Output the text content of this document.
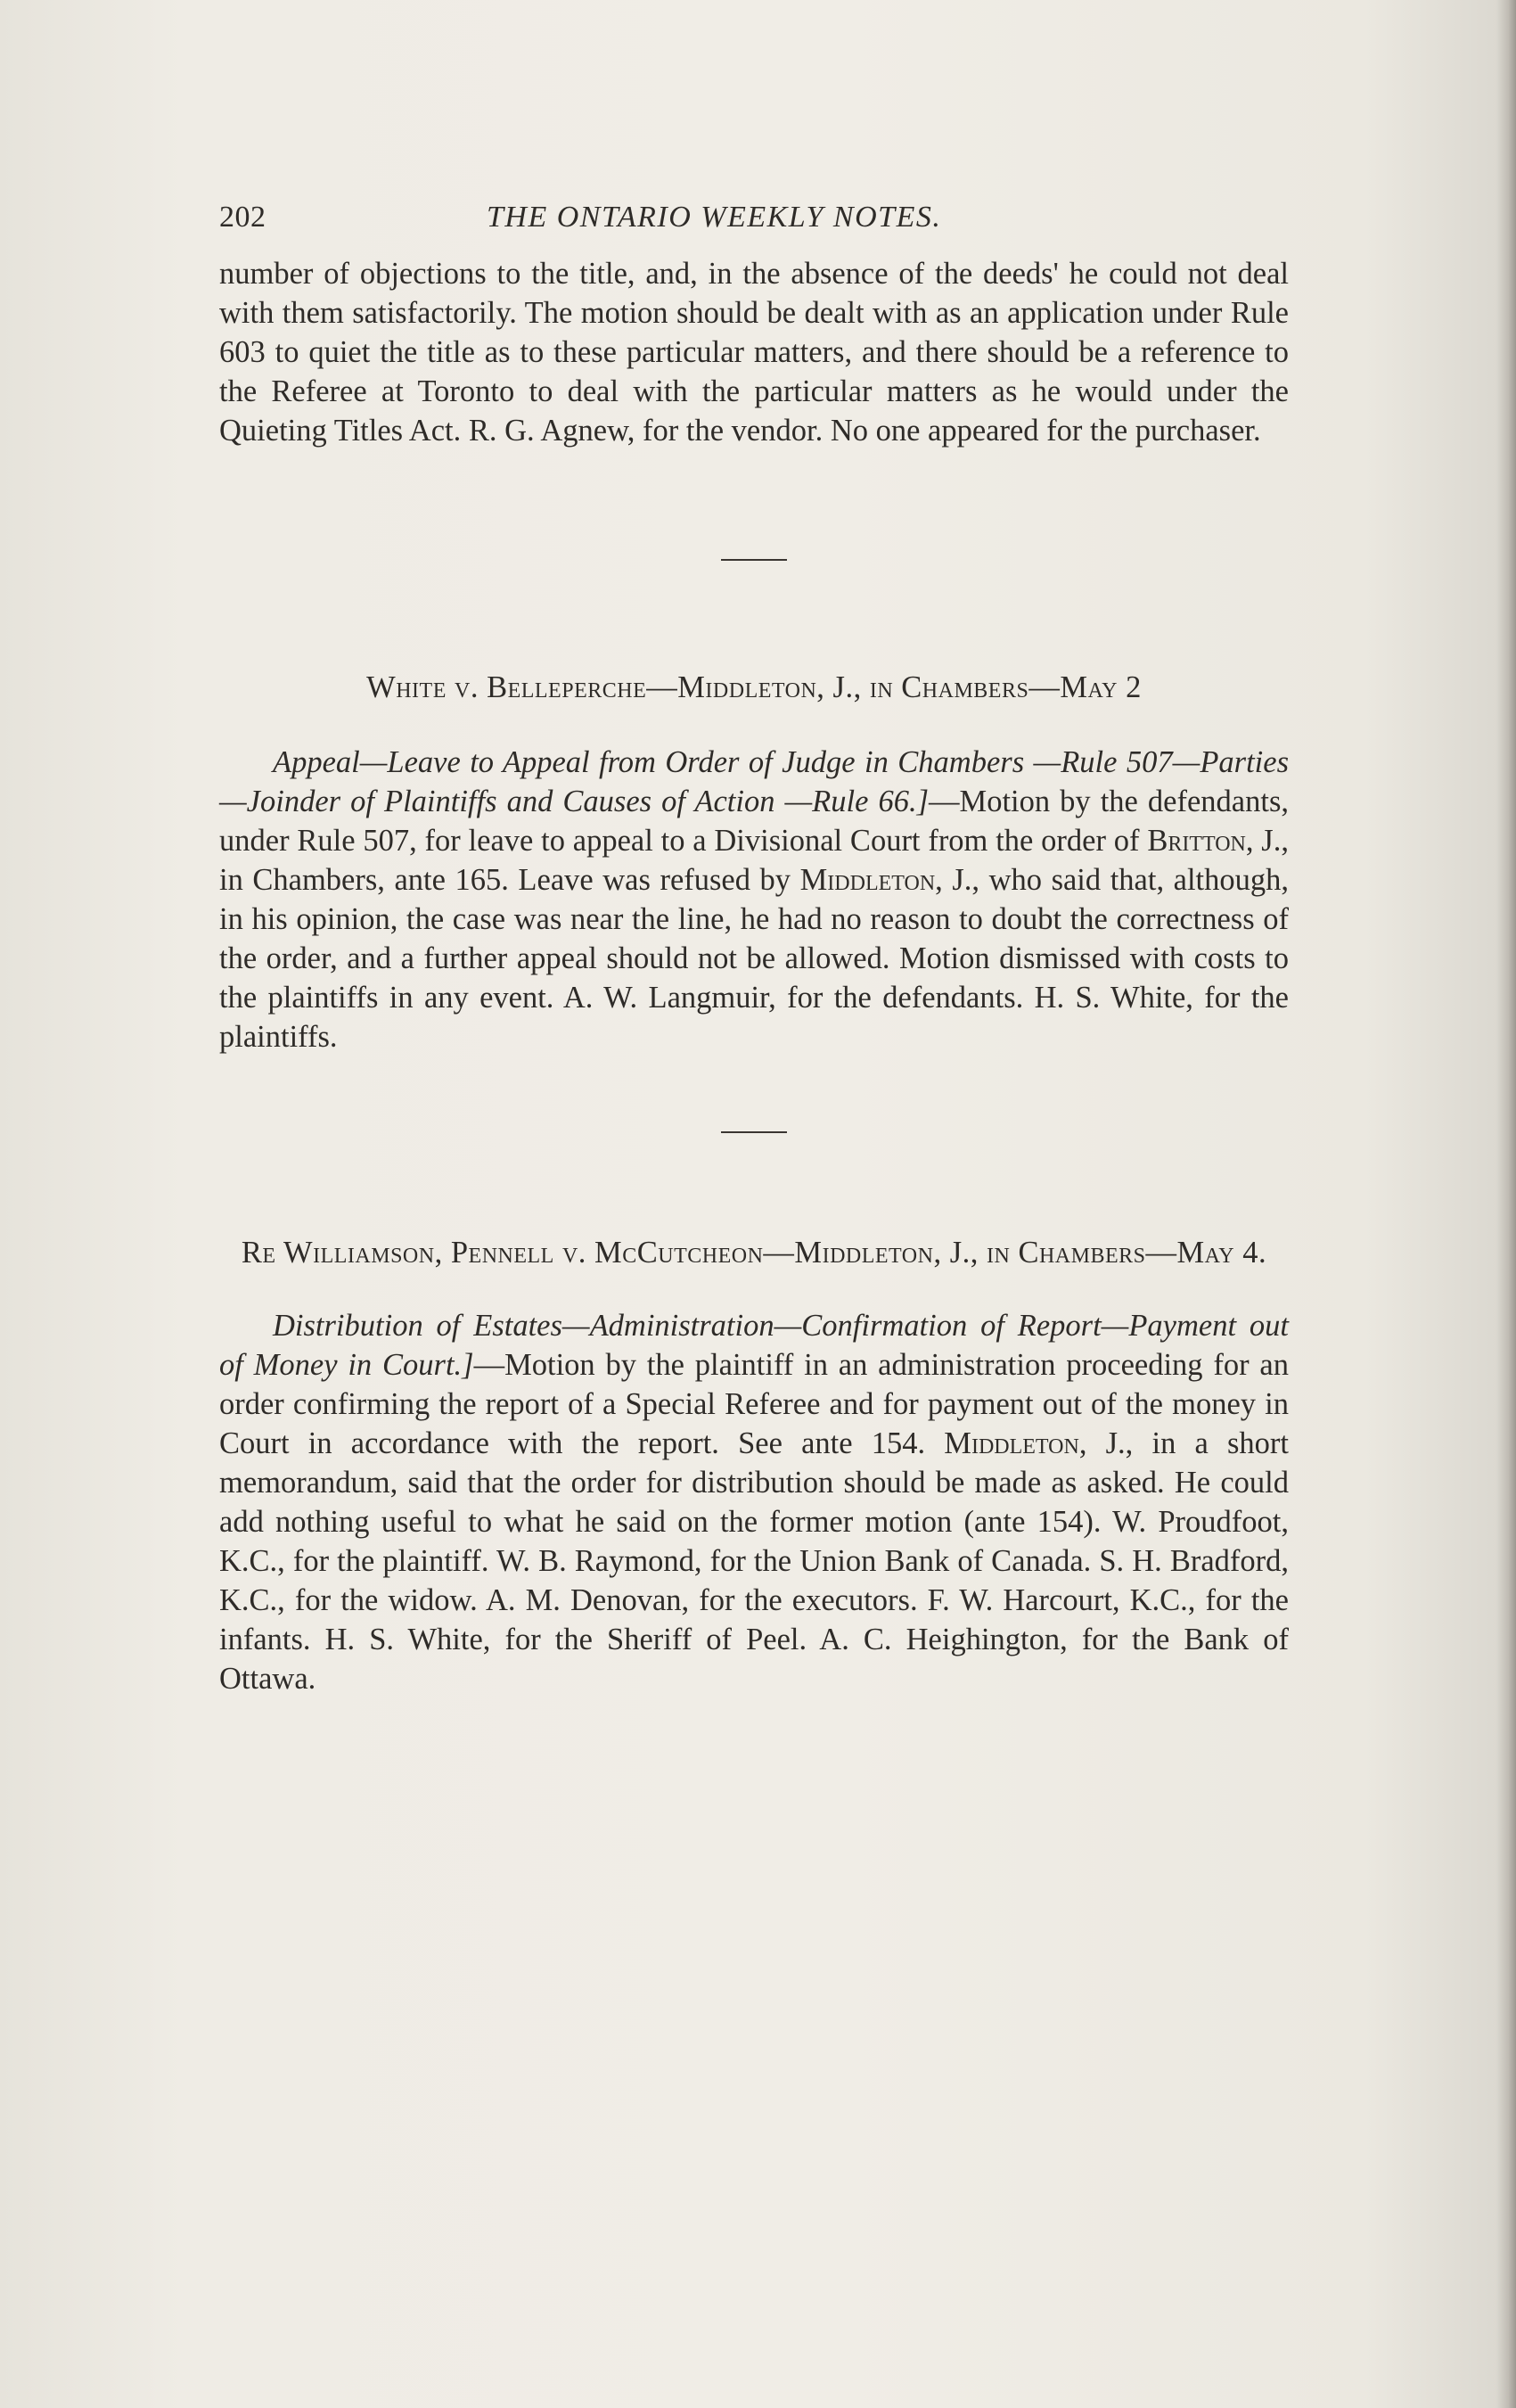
202	THE ONTARIO WEEKLY NOTES.

number of objections to the title, and, in the absence of the deeds' he could not deal with them satisfactorily. The motion should be dealt with as an application under Rule 603 to quiet the title as to these particular matters, and there should be a reference to the Referee at Toronto to deal with the particular matters as he would under the Quieting Titles Act. R. G. Agnew, for the vendor. No one appeared for the purchaser.

White v. Belleperche—Middleton, J., in Chambers—May 2

Appeal—Leave to Appeal from Order of Judge in Chambers —Rule 507—Parties—Joinder of Plaintiffs and Causes of Action —Rule 66.]—Motion by the defendants, under Rule 507, for leave to appeal to a Divisional Court from the order of Britton, J., in Chambers, ante 165. Leave was refused by Middleton, J., who said that, although, in his opinion, the case was near the line, he had no reason to doubt the correctness of the order, and a further appeal should not be allowed. Motion dismissed with costs to the plaintiffs in any event. A. W. Langmuir, for the defendants. H. S. White, for the plaintiffs.

Re Williamson, Pennell v. McCutcheon—Middleton, J., in Chambers—May 4.

Distribution of Estates—Administration—Confirmation of Report—Payment out of Money in Court.]—Motion by the plaintiff in an administration proceeding for an order confirming the report of a Special Referee and for payment out of the money in Court in accordance with the report. See ante 154. Middleton, J., in a short memorandum, said that the order for distribution should be made as asked. He could add nothing useful to what he said on the former motion (ante 154). W. Proudfoot, K.C., for the plaintiff. W. B. Raymond, for the Union Bank of Canada. S. H. Bradford, K.C., for the widow. A. M. Denovan, for the executors. F. W. Harcourt, K.C., for the infants. H. S. White, for the Sheriff of Peel. A. C. Heighington, for the Bank of Ottawa.
